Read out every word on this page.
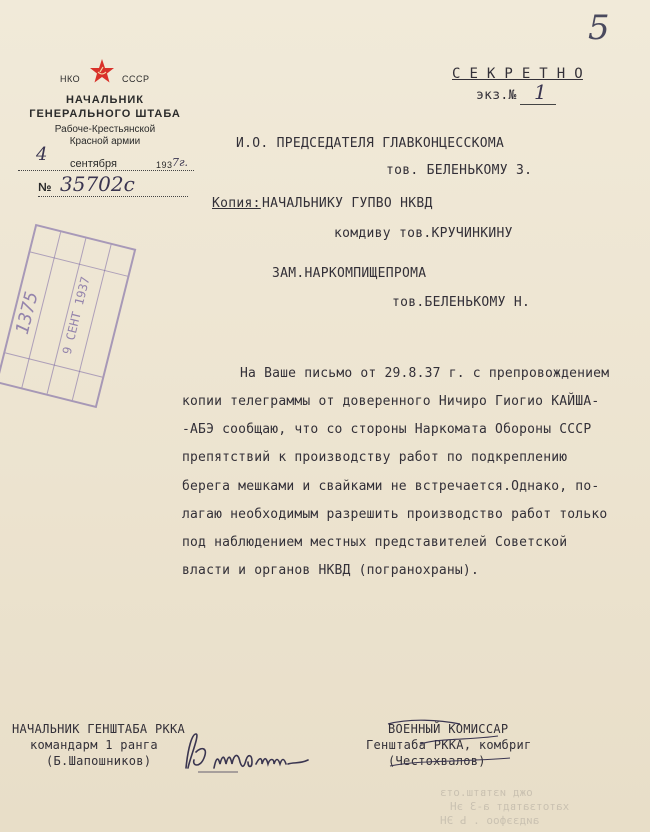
5
НКО	СССР
НАЧАЛЬНИК
ГЕНЕРАЛЬНОГО ШТАБА
Рабоче-Крестьянской
Красной армии
4 сентября	193 7г.
№ 35702с
С Е К Р Е Т Н О
экз.№ 1
И.О. ПРЕДСЕДАТЕЛЯ ГЛАВКОНЦЕССКОМА
тов. БЕЛЕНЬКОМУ З.
Копия: НАЧАЛЬНИКУ ГУПВО НКВД
комдиву тов.КРУЧИНКИНУ
ЗАМ.НАРКОМПИЩЕПРОМА
тов.БЕЛЕНЬКОМУ Н.
9 СЕНТ 1937
1375
На Ваше письмо от 29.8.37 г. с препровождением
копии телеграммы от доверенного Ничиро Гиогио КАЙША-
-АБЭ сообщаю, что со стороны Наркомата Обороны СССР
препятствий к производству работ по подкреплению
берега мешками и свайками не встречается.Однако, по-
лагаю необходимым разрешить производство работ только
под наблюдением местных представителей Советской
власти и органов НКВД (погранохраны).
НАЧАЛЬНИК ГЕНШТАБА РККА
командарм 1 ранга
(Б.Шапошников)
ВОЕННЫЙ КОМИССАР
Генштаба РККА, комбриг
(Честохвалов)
ожд изтвтш.отз
хатотзатвдт а-З эН
аидзэфоо . Ь ЭН
